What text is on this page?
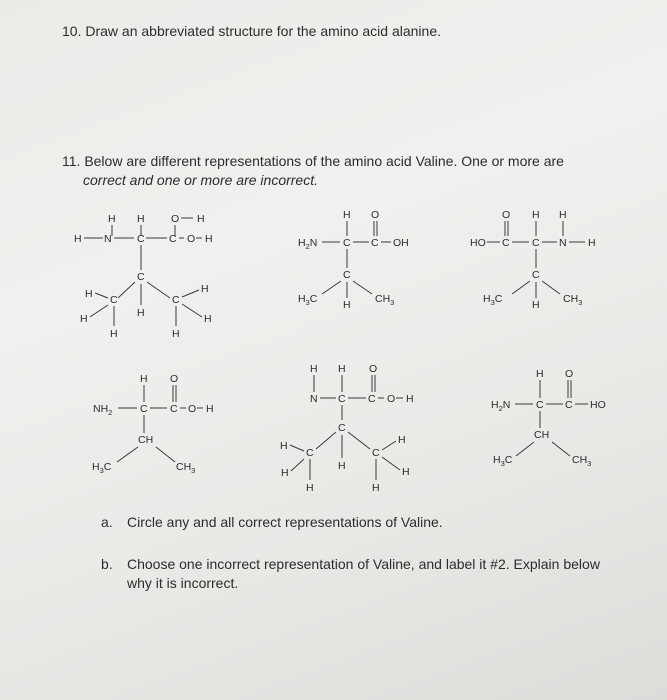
10. Draw an abbreviated structure for the amino acid alanine.
11. Below are different representations of the amino acid Valine. One or more are
correct and one or more are incorrect.
H H	O H
H N C C O H
C
H
C	C
H
H
H
H
H
H
H O
$H_2N$ C C OH
C
H
$H_3C$	$CH_3$
O H H
HO C C N H
C
H
$H_3C$	$CH_3$
H O
$NH_2$	C C O H
CH
$H_3C$	$CH_3$
H H O
N C C O H
C
H
C	C
H
H
H
H
H
H
H O
$H_2N$ C C HO
CH
$H_3C$	$CH_3$
a. Circle any and all correct representations of Valine.
b. Choose one incorrect representation of Valine, and label it #2. Explain below
why it is incorrect.
